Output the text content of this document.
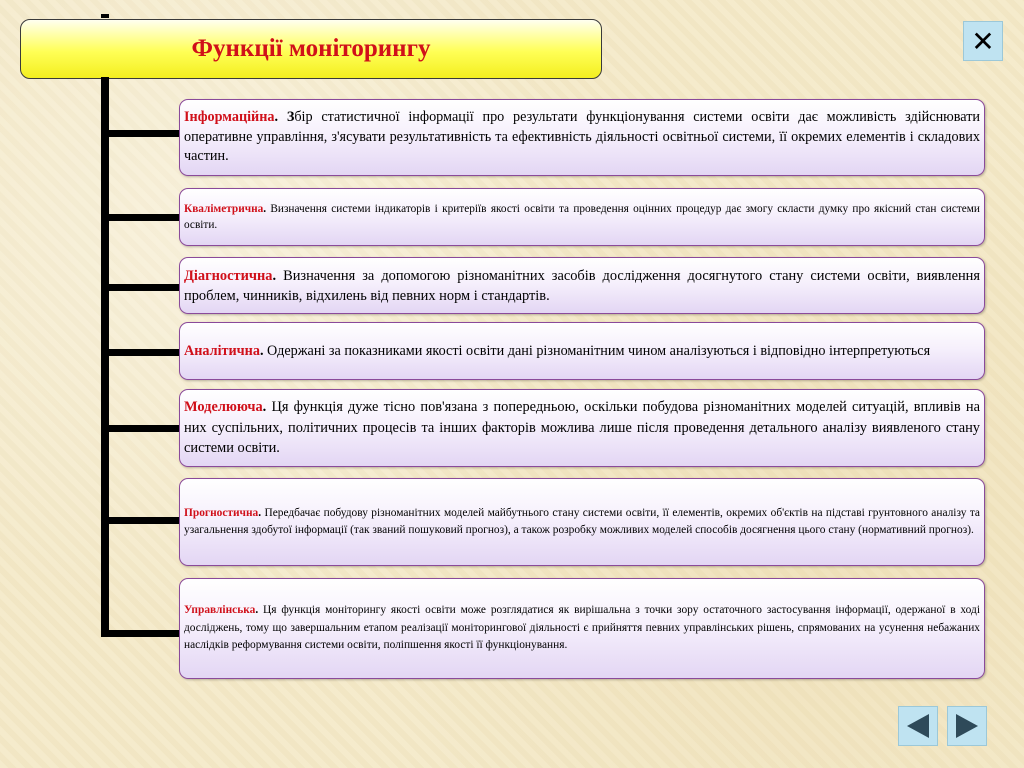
Функції моніторингу	✕

Інформаційна. Збір статистичної інформації про результати функціонування системи освіти дає можливість здійснювати оперативне управління, з'ясувати результативність та ефективність діяльності освітньої системи, її окремих елементів і складових частин.

Кваліметрична. Визначення системи індикаторів і критеріїв якості освіти та проведення оцінних процедур дає змогу скласти думку про якісний стан системи освіти.

Діагностична. Визначення за допомогою різноманітних засобів дослідження досягнутого стану системи освіти, виявлення проблем, чинників, відхилень від певних норм і стандартів.

Аналітична. Одержані за показниками якості освіти дані різноманітним чином аналізуються і відповідно інтерпретуються

Моделююча. Ця функція дуже тісно пов'язана з попередньою, оскільки побудова різноманітних моделей ситуацій, впливів на них суспільних, політичних процесів та інших факторів можлива лише після проведення детального аналізу виявленого стану системи освіти.

Прогностична. Передбачає побудову різноманітних моделей майбутнього стану системи освіти, її елементів, окремих об'єктів на підставі грунтовного аналізу та узагальнення здобутої інформації (так званий пошуковий прогноз), а також розробку можливих моделей способів досягнення цього стану (нормативний прогноз).

Управлінська. Ця функція моніторингу якості освіти може розглядатися як вирішальна з точки зору остаточного застосування інформації, одержаної в ході досліджень, тому що завершальним етапом реалізації моніторингової діяльності є прийняття певних управлінських рішень, спрямованих на усунення небажаних наслідків реформування системи освіти, поліпшення якості її функціонування.
